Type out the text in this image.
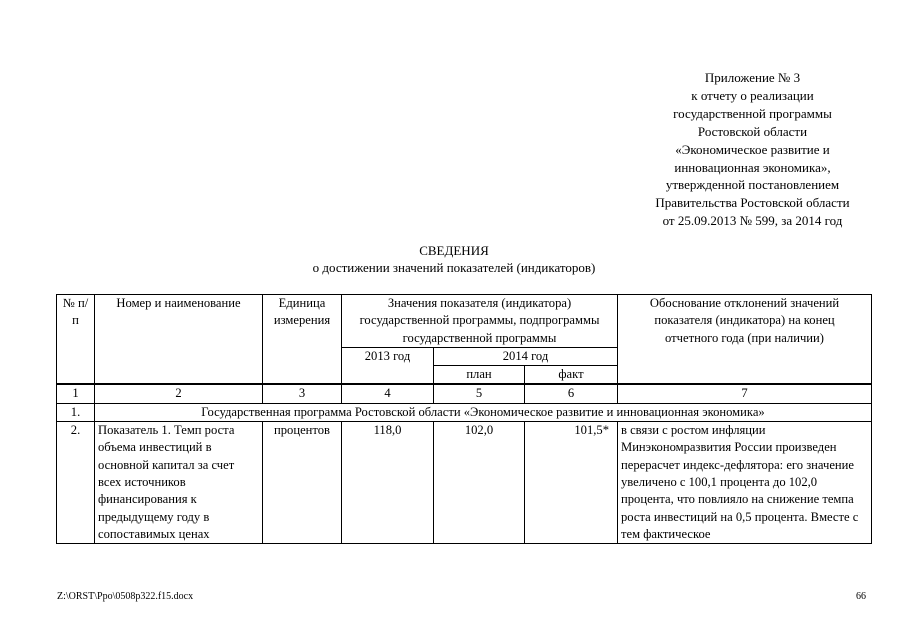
Приложение № 3
к отчету о реализации
государственной программы
Ростовской области
«Экономическое развитие и
инновационная экономика»,
утвержденной постановлением
Правительства Ростовской области
от 25.09.2013 № 599, за 2014 год
СВЕДЕНИЯ
о достижении значений показателей (индикаторов)
№ п/п	Номер и наименование	Единица измерения	Значения показателя (индикатора) государственной программы, подпрограммы государственной программы			Обоснование отклонений значений показателя (индикатора) на конец отчетного года (при наличии)
			2013 год	2014 год		
				план	факт	
1	2	3	4	5	6	7
1.	Государственная программа Ростовской области «Экономическое развитие и инновационная экономика»					
2.	Показатель 1. Темп роста объема инвестиций в основной капитал за счет всех источников финансирования к предыдущему году в сопоставимых ценах	процентов	118,0	102,0	101,5*	в связи с ростом инфляции Минэкономразвития России произведен перерасчет индекс-дефлятора: его значение увеличено с 100,1 процента до 102,0 процента, что повлияло на снижение темпа роста инвестиций на 0,5 процента. Вместе с тем фактическое
Z:\ORST\Ppo\0508p322.f15.docx	66
